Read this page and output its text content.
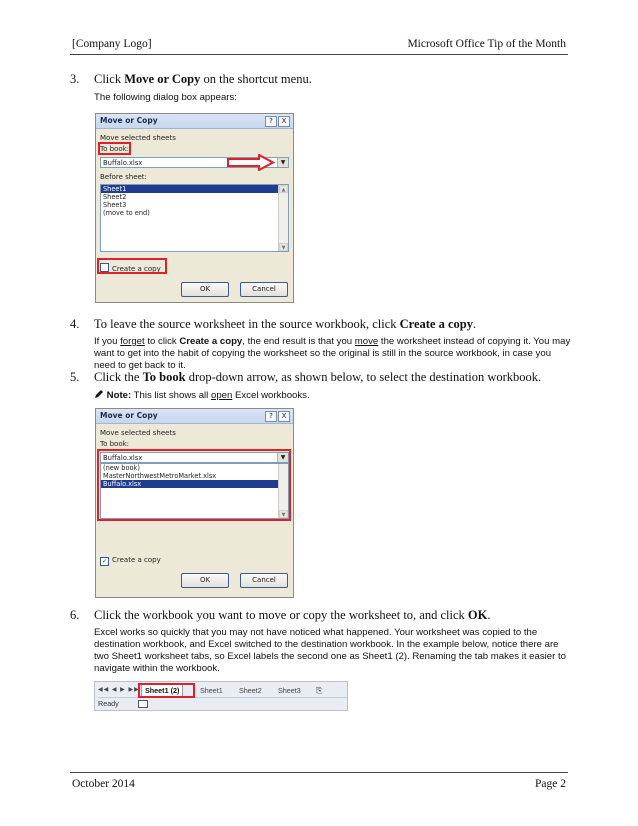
[Company Logo]	Microsoft Office Tip of the Month
3. Click Move or Copy on the shortcut menu.
The following dialog box appears:
Move or Copy	?	X
Move selected sheets
To book:
Buffalo.xlsx	▼
Before sheet:
Sheet1
Sheet2
Sheet3
(move to end)
▲
▼
Create a copy
OK	Cancel
4. To leave the source worksheet in the source workbook, click Create a copy.
If you forget to click Create a copy, the end result is that you move the worksheet instead of copying it. You may want to get into the habit of copying the worksheet so the original is still in the source workbook, in case you need to get back to it.
5. Click the To book drop-down arrow, as shown below, to select the destination workbook.
Note: This list shows all open Excel workbooks.
Move or Copy	?	X
Move selected sheets
To book:
Buffalo.xlsx	▼
(new book)
MasterNorthwestMetroMarket.xlsx
Buffalo.xlsx
▼
✓ Create a copy
OK	Cancel
6. Click the workbook you want to move or copy the worksheet to, and click OK.
Excel works so quickly that you may not have noticed what happened. Your worksheet was copied to the destination workbook, and Excel switched to the destination workbook. In the example below, notice there are two Sheet1 worksheet tabs, so Excel labels the second one as Sheet1 (2). Renaming the tab makes it easier to navigate within the workbook.
◀◀ ◀ ▶ ▶▶ Sheet1 (2)	Sheet1	Sheet2	Sheet3	⎘
Ready
October 2014	Page 2
